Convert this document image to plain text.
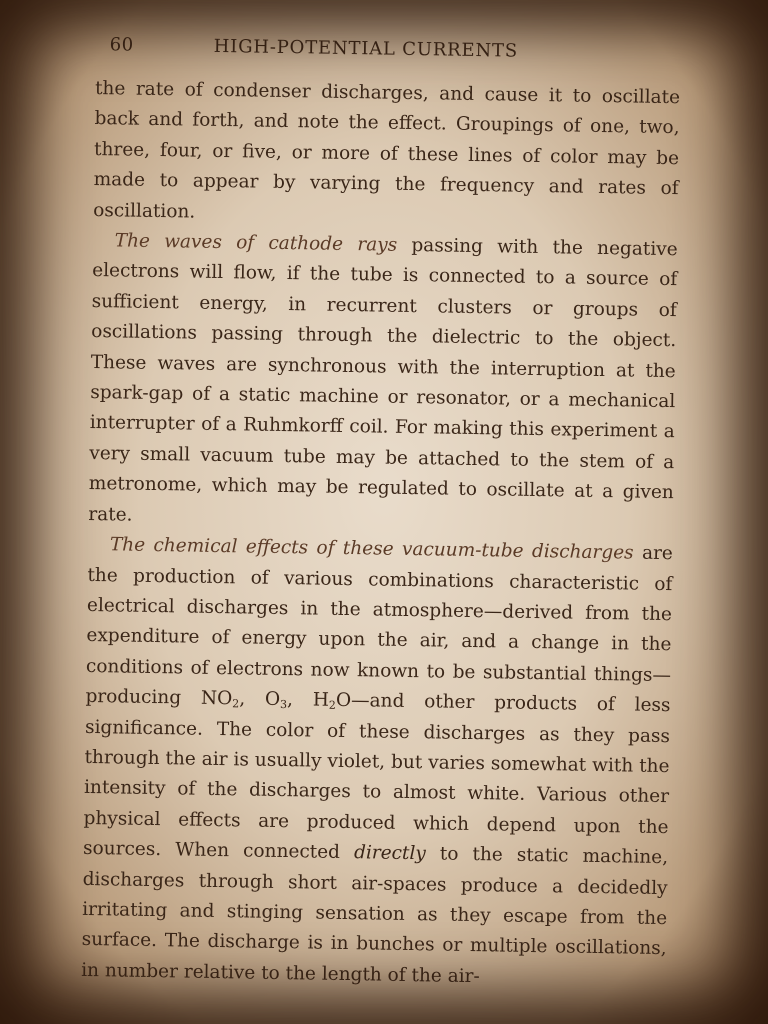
60	HIGH-POTENTIAL CURRENTS

the rate of condenser discharges, and cause it to oscillate back and forth, and note the effect. Groupings of one, two, three, four, or five, or more of these lines of color may be made to appear by varying the frequency and rates of oscillation.

The waves of cathode rays passing with the negative electrons will flow, if the tube is connected to a source of sufficient energy, in recurrent clusters or groups of oscillations passing through the dielectric to the object. These waves are synchronous with the interruption at the spark-gap of a static machine or resonator, or a mechanical interrupter of a Ruhmkorff coil. For making this experiment a very small vacuum tube may be attached to the stem of a metronome, which may be regulated to oscillate at a given rate.

The chemical effects of these vacuum-tube discharges are the production of various combinations characteristic of electrical discharges in the atmosphere—derived from the expenditure of energy upon the air, and a change in the conditions of electrons now known to be substantial things—producing $NO_2$, $O_3$, $H_2O—and$ other products of less significance. The color of these discharges as they pass through the air is usually violet, but varies somewhat with the intensity of the discharges to almost white. Various other physical effects are produced which depend upon the sources. When connected directly to the static machine, discharges through short air-spaces produce a decidedly irritating and stinging sensation as they escape from the surface. The discharge is in bunches or multiple oscillations, in number relative to the length of the air-
